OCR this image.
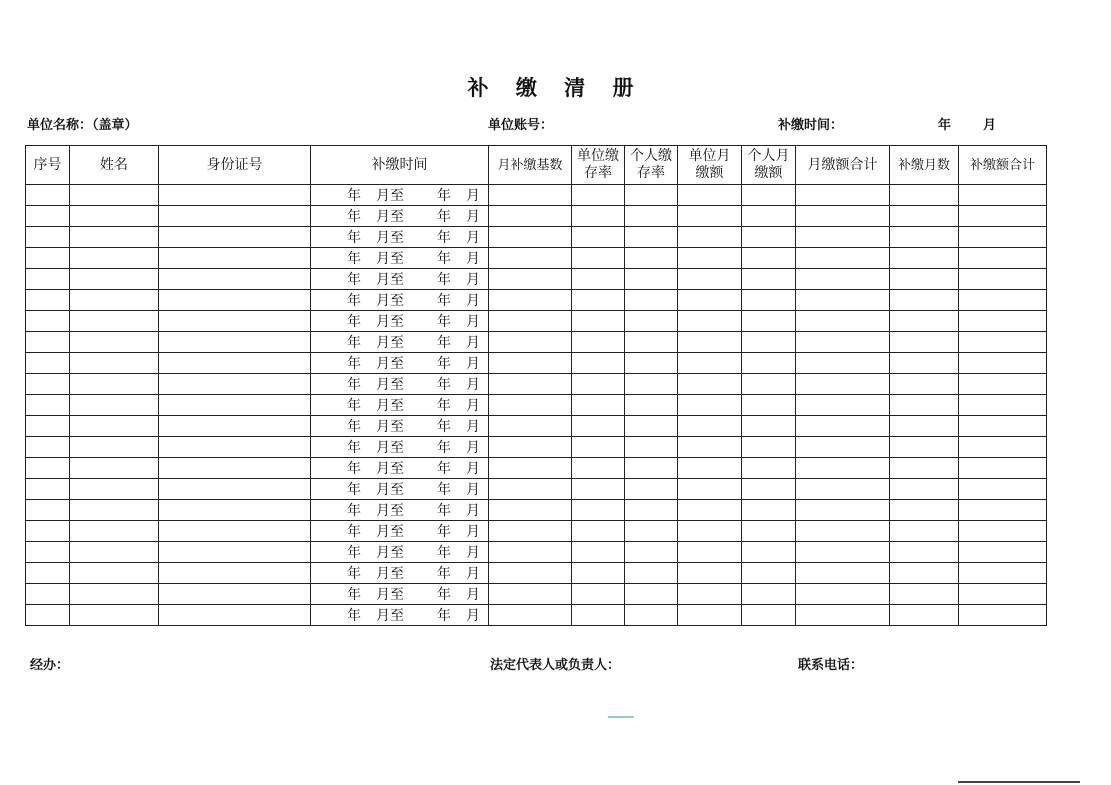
补 缴 清 册
单位名称：（盖章）	单位账号：	补缴时间：	年 月
序号	姓名	身份证号	补缴时间	月补缴基数	单位缴存率	个人缴存率	单位月缴额	个人月缴额	月缴额合计	补缴月数	补缴额合计

			年 月至 年 月								

			年 月至 年 月								

			年 月至 年 月								

			年 月至 年 月								

			年 月至 年 月								

			年 月至 年 月								

			年 月至 年 月								

			年 月至 年 月								

			年 月至 年 月								

			年 月至 年 月								

			年 月至 年 月								

			年 月至 年 月								

			年 月至 年 月								

			年 月至 年 月								

			年 月至 年 月								

			年 月至 年 月								

			年 月至 年 月								

			年 月至 年 月								

			年 月至 年 月								

			年 月至 年 月								

			年 月至 年 月								

经办：	法定代表人或负责人：	联系电话：
